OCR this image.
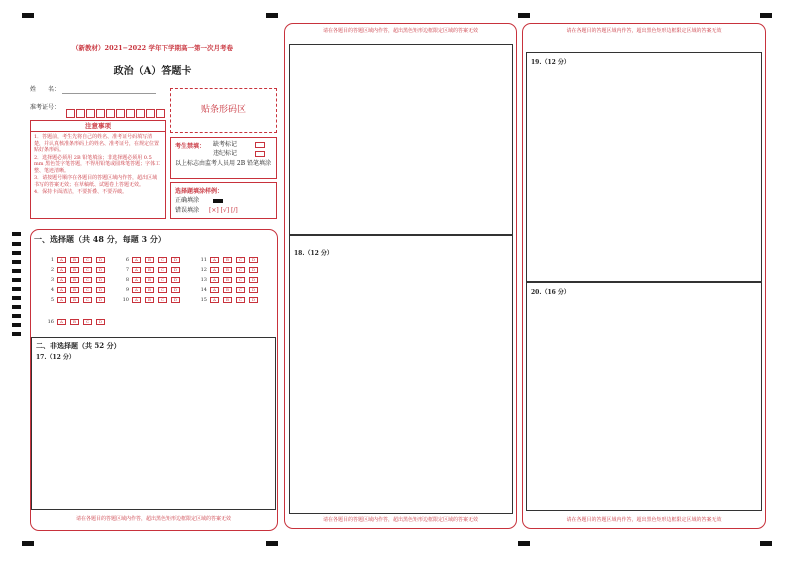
（新教材）2021−2022 学年下学期高一第一次月考卷
政治（A）答题卡
姓　　名：
准考证号：	贴条形码区
注意事项
1．答题前，考生先将自己的姓名、准考证号码填写清楚，并认真核准条形码上的姓名、准考证号，在规定位置贴好条形码。
2．选择题必须用 2B 铅笔填涂；非选择题必须用 0.5 mm 黑色签字笔答题，不得用铅笔或圆珠笔答题；字体工整、笔迹清晰。
3．请按题号顺序在各题目的答题区域内作答，超出区域书写的答案无效；在草稿纸、试题卷上答题无效。
4．保持卡面清洁，不要折叠、不要弄破。
考生禁填： 缺考标记
违纪标记
以上标志由监考人员用 2B 铅笔填涂
选择题填涂样例：
正确填涂
错误填涂 [×] [√] [/]
一、选择题（共 48 分，每题 3 分）
1 A	B	C D
2 A	B	C D
3 A	B	C D
4 A	B	C D
5 A	B	C D
6 A	B	C D
7 A	B	C D
8 A	B	C D
9 A	B	C D
10 A	B	C D
11 A	B	C D
12 A	B	C D
13 A	B	C D
14 A	B	C D
15 A	B	C D
16 A	B	C D
二、非选择题（共 52 分）
17.（12 分）
请在各题目的答题区域内作答，超出黑色矩形边框限定区域的答案无效
请在各题目的答题区域内作答，超出黑色矩形边框限定区域的答案无效
18.（12 分）
请在各题目的答题区域内作答，超出黑色矩形边框限定区域的答案无效
请在各题目的答题区域内作答，超出黑色矩形边框限定区域的答案无效
19.（12 分）
20.（16 分）
请在各题目的答题区域内作答，超出黑色矩形边框限定区域的答案无效
